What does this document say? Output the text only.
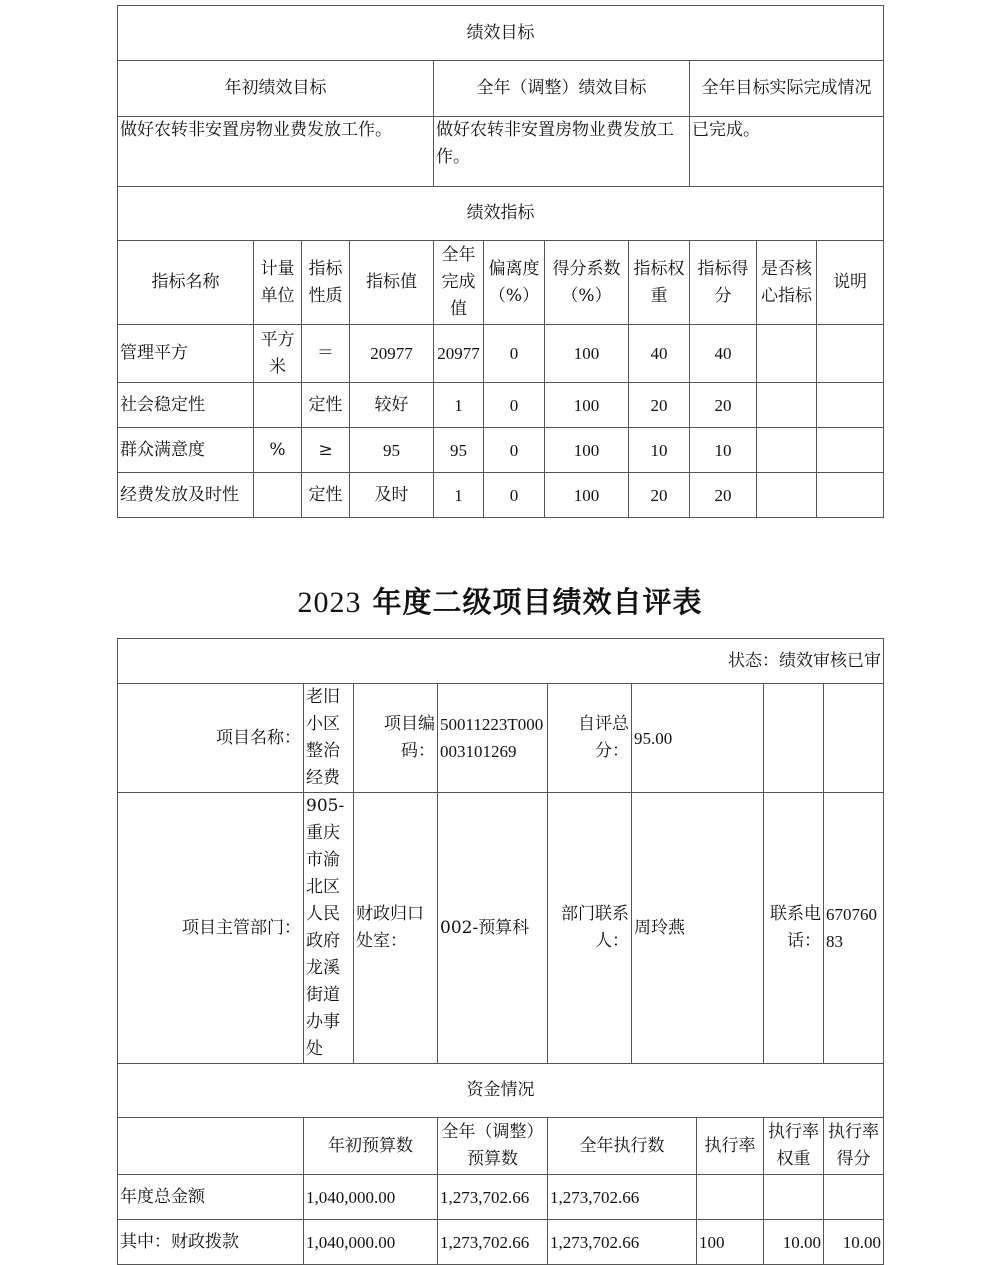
绩效目标										
年初绩效目标				全年（调整）绩效目标				全年目标实际完成情况		
做好农转非安置房物业费发放工作。				做好农转非安置房物业费发放工作。				已完成。		
绩效指标										
指标名称	计量单位	指标性质	指标值	全年完成值	偏离度（%）	得分系数（%）	指标权重	指标得分	是否核心指标	说明
管理平方	平方米	＝	20977	20977	0	100	40	40		
社会稳定性		定性	较好	1	0	100	20	20		
群众满意度	%	≥	95	95	0	100	10	10		
经费发放及时性		定性	及时	1	0	100	20	20		
2023 年度二级项目绩效自评表
状态：绩效审核已审								
项目名称：	老旧小区整治经费	项目编码：	50011223T000003101269	自评总分：	95.00			
项目主管部门：	905-重庆市渝北区人民政府龙溪街道办事处	财政归口处室：	002-预算科	部门联系人：	周玲燕		联系电话：	67076083
资金情况								
	年初预算数		全年（调整）预算数	全年执行数		执行率	执行率权重	执行率得分
年度总金额	1,040,000.00		1,273,702.66	1,273,702.66				
其中：财政拨款	1,040,000.00		1,273,702.66	1,273,702.66		100	10.00	10.00
